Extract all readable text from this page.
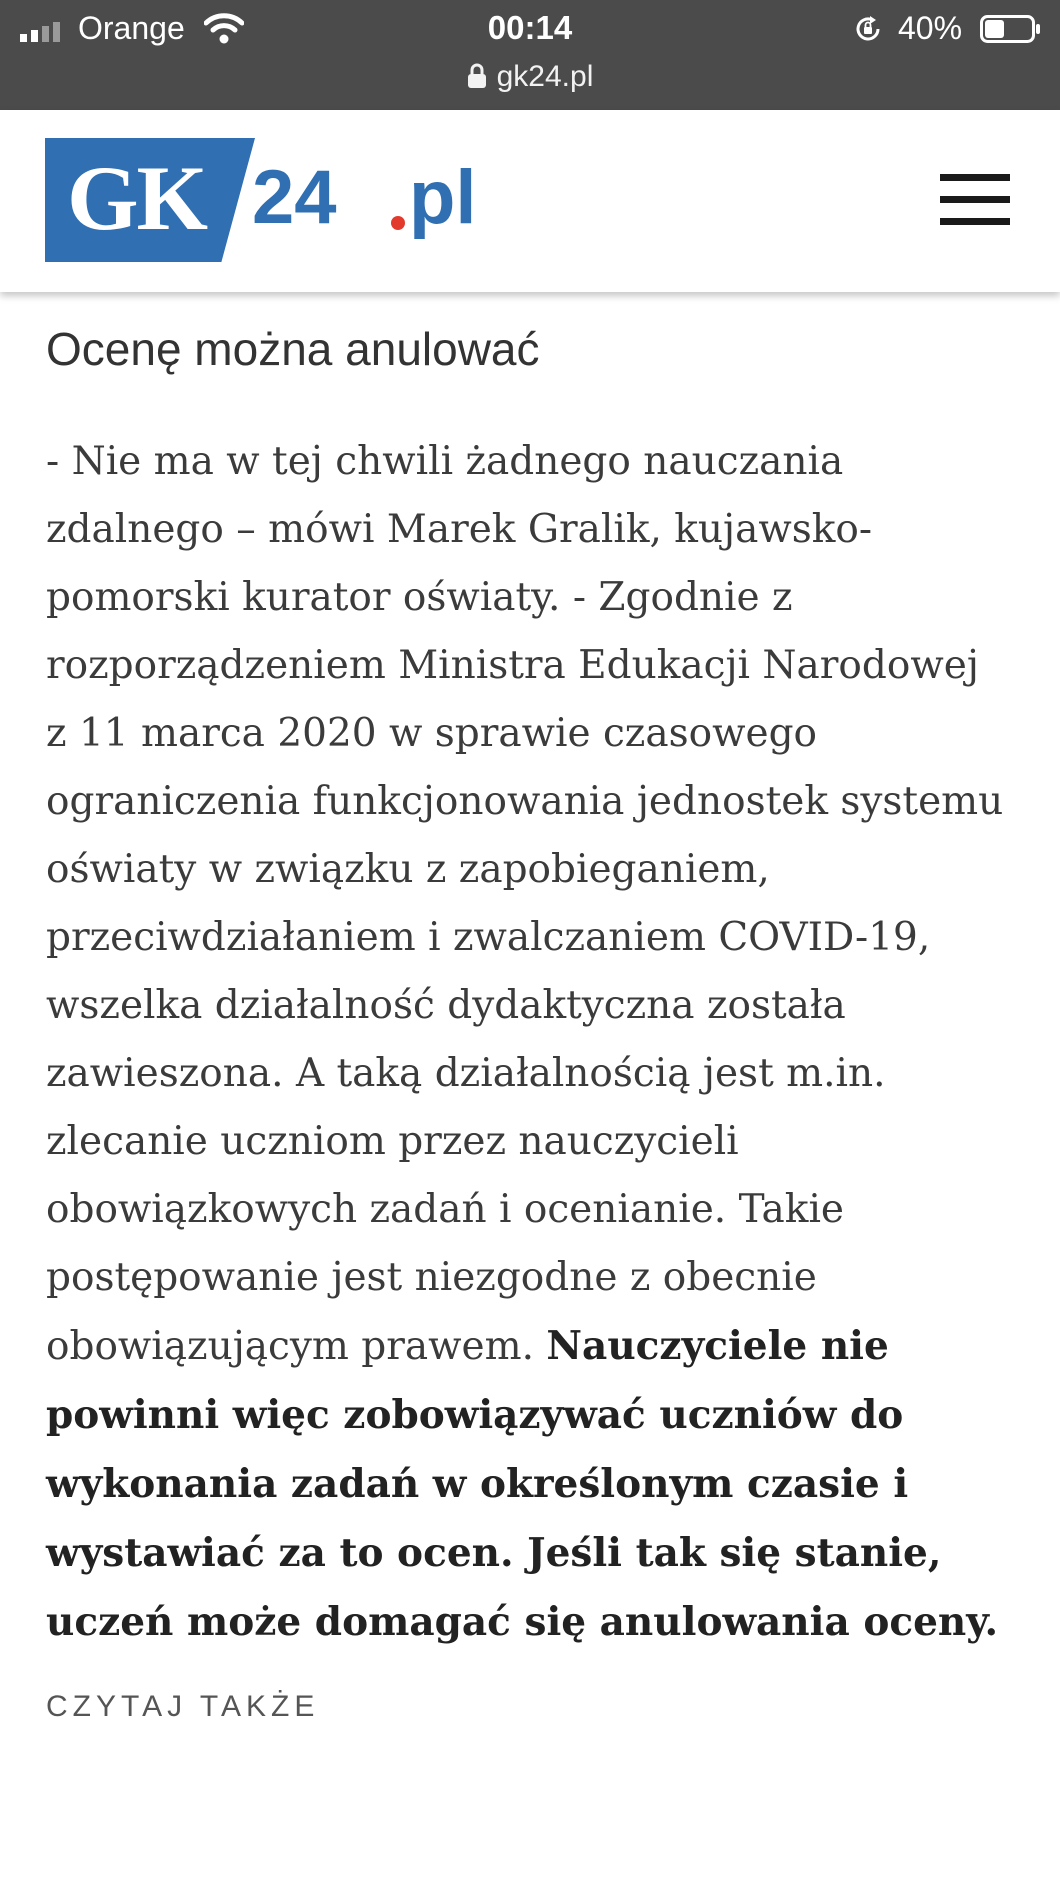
Orange	00:14	40%
gk24.pl
GK 24 pl
Ocenę można anulować

- Nie ma w tej chwili żadnego nauczania zdalnego – mówi Marek Gralik, kujawsko-pomorski kurator oświaty. - Zgodnie z rozporządzeniem Ministra Edukacji Narodowej z 11 marca 2020 w sprawie czasowego ograniczenia funkcjonowania jednostek systemu oświaty w związku z zapobieganiem, przeciwdziałaniem i zwalczaniem COVID-19, wszelka działalność dydaktyczna została zawieszona. A taką działalnością jest m.in. zlecanie uczniom przez nauczycieli obowiązkowych zadań i ocenianie. Takie postępowanie jest niezgodne z obecnie obowiązującym prawem. Nauczyciele nie powinni więc zobowiązywać uczniów do wykonania zadań w określonym czasie i wystawiać za to ocen. Jeśli tak się stanie, uczeń może domagać się anulowania oceny.

CZYTAJ TAKŻE
